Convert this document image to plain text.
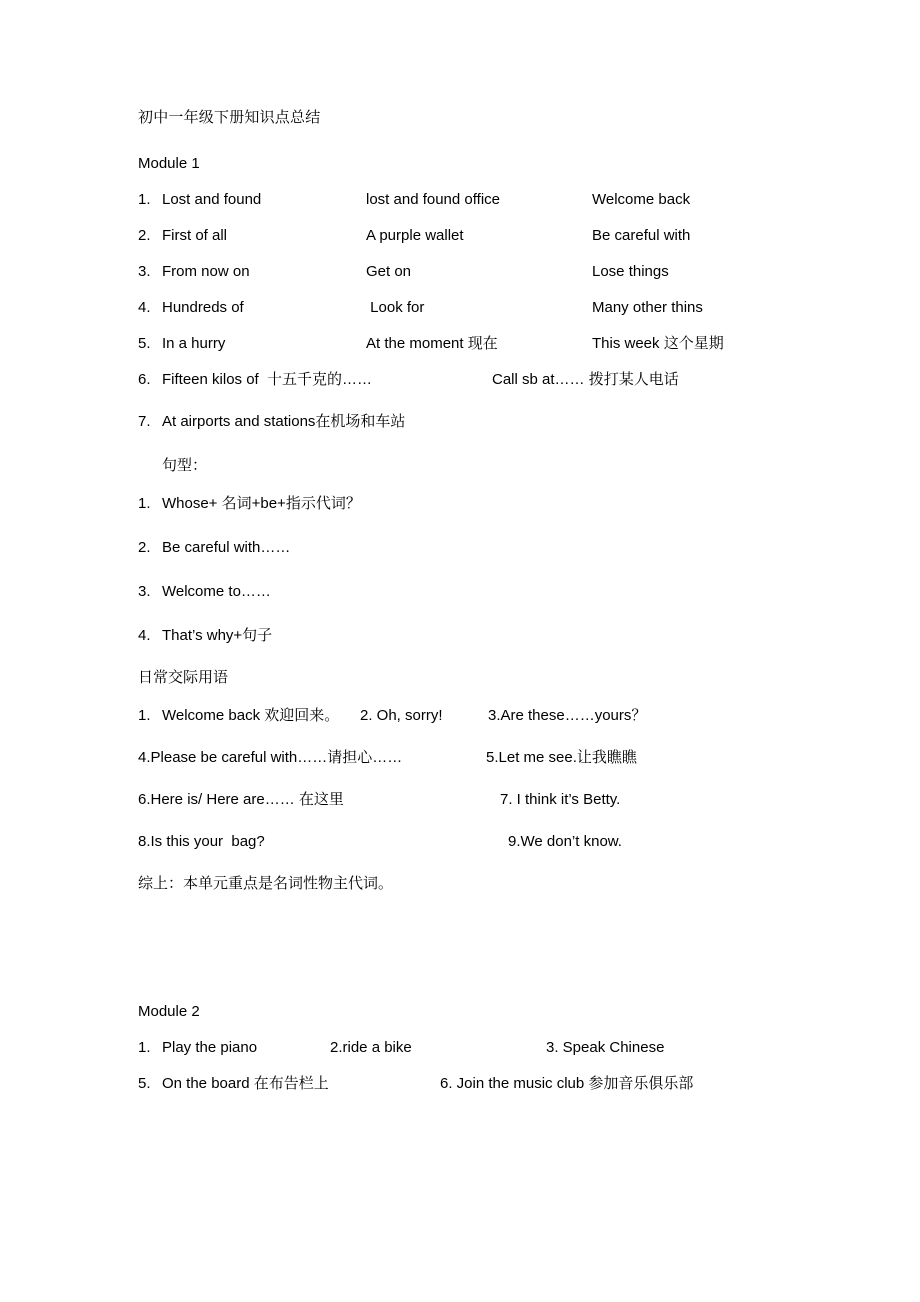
初中一年级下册知识点总结
Module 1
1. Lost and found	lost and found office	Welcome back
2. First of all	A purple wallet	Be careful with
3. From now on	Get on	Lose things
4. Hundreds of	Look for	Many other thins
5. In a hurry	At the moment 现在	This week 这个星期
6. Fifteen kilos of  十五千克的……	Call sb at…… 拨打某人电话
7. At airports and stations在机场和车站
句型：
1. Whose+ 名词+be+指示代词？
2. Be careful with……
3. Welcome to……
4. That’s why+句子
日常交际用语
1. Welcome back 欢迎回来。	2. Oh, sorry!	3.Are these……yours？
4.Please be careful with……请担心……	5.Let me see.让我瞧瞧
6.Here is/ Here are…… 在这里	7. I think it’s Betty.
8.Is this your  bag?	9.We don’t know.
综上：本单元重点是名词性物主代词。
Module 2
1. Play the piano	2.ride a bike	3. Speak Chinese
5. On the board 在布告栏上	6. Join the music club 参加音乐俱乐部
